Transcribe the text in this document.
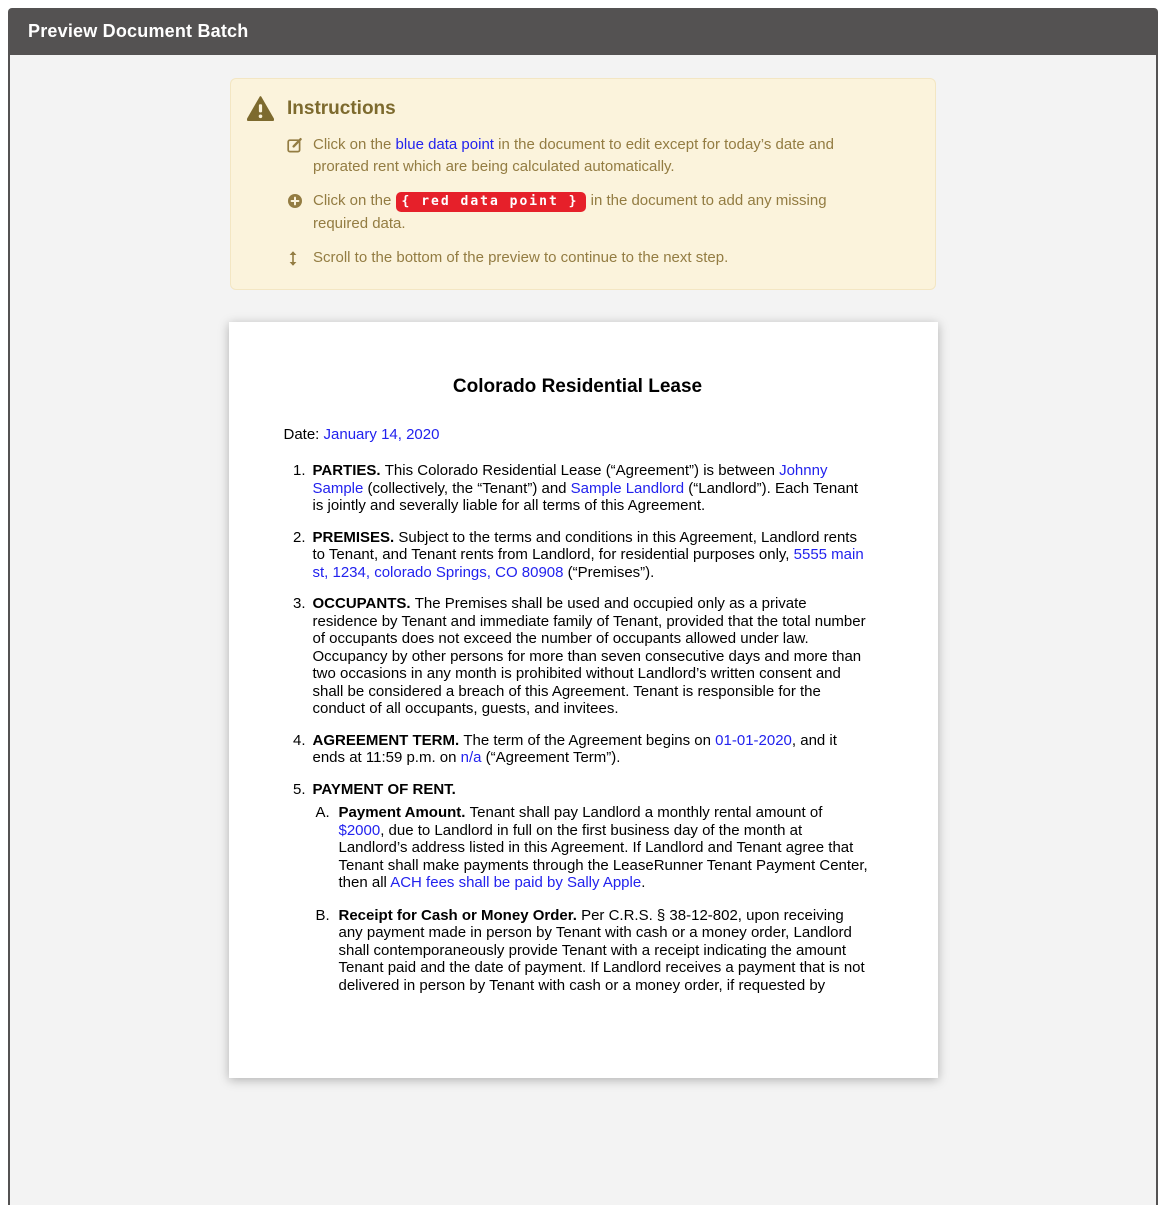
Preview Document Batch
Instructions
Click on the blue data point in the document to edit except for today’s date and prorated rent which are being calculated automatically.
Click on the { red data point } in the document to add any missing required data.
Scroll to the bottom of the preview to continue to the next step.
Colorado Residential Lease
Date: January 14, 2020
1. PARTIES. This Colorado Residential Lease (“Agreement”) is between Johnny Sample (collectively, the “Tenant”) and Sample Landlord (“Landlord”). Each Tenant is jointly and severally liable for all terms of this Agreement.
2. PREMISES. Subject to the terms and conditions in this Agreement, Landlord rents to Tenant, and Tenant rents from Landlord, for residential purposes only, 5555 main st, 1234, colorado Springs, CO 80908 (“Premises”).
3. OCCUPANTS. The Premises shall be used and occupied only as a private residence by Tenant and immediate family of Tenant, provided that the total number of occupants does not exceed the number of occupants allowed under law. Occupancy by other persons for more than seven consecutive days and more than two occasions in any month is prohibited without Landlord’s written consent and shall be considered a breach of this Agreement. Tenant is responsible for the conduct of all occupants, guests, and invitees.
4. AGREEMENT TERM. The term of the Agreement begins on 01-01-2020, and it ends at 11:59 p.m. on n/a (“Agreement Term”).
5. PAYMENT OF RENT.
A. Payment Amount. Tenant shall pay Landlord a monthly rental amount of $2000, due to Landlord in full on the first business day of the month at Landlord’s address listed in this Agreement. If Landlord and Tenant agree that Tenant shall make payments through the LeaseRunner Tenant Payment Center, then all ACH fees shall be paid by Sally Apple.
B. Receipt for Cash or Money Order. Per C.R.S. § 38-12-802, upon receiving any payment made in person by Tenant with cash or a money order, Landlord shall contemporaneously provide Tenant with a receipt indicating the amount Tenant paid and the date of payment. If Landlord receives a payment that is not delivered in person by Tenant with cash or a money order, if requested by
